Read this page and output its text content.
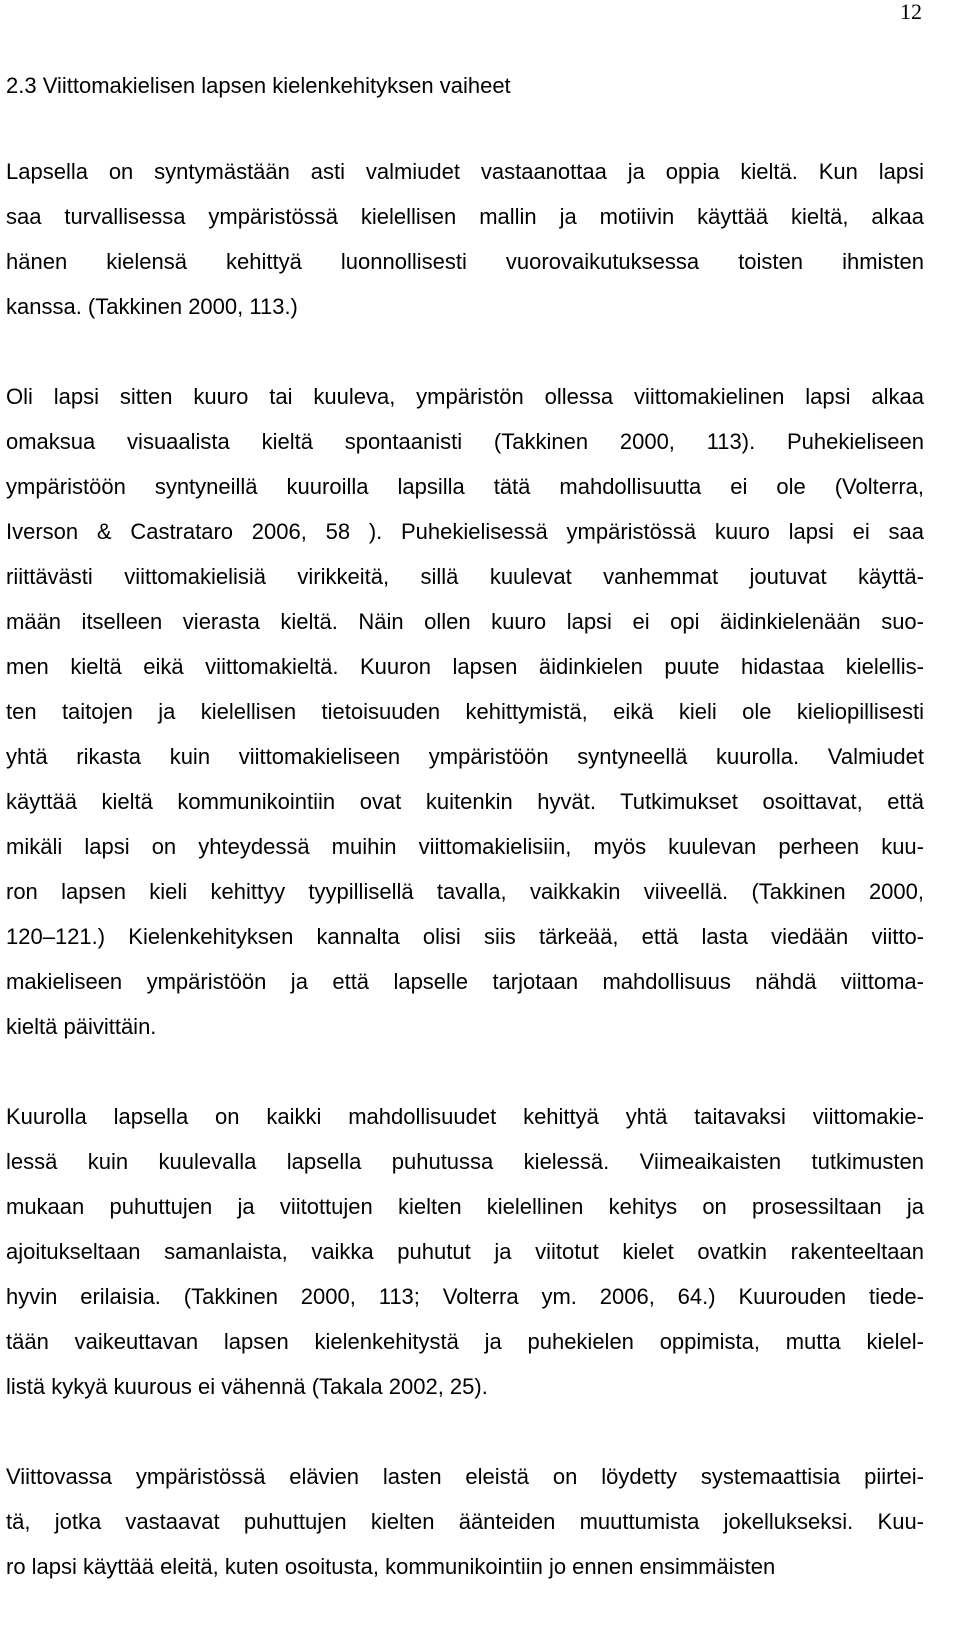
12
2.3 Viittomakielisen lapsen kielenkehityksen vaiheet
Lapsella on syntymästään asti valmiudet vastaanottaa ja oppia kieltä. Kun lapsi
saa turvallisessa ympäristössä kielellisen mallin ja motiivin käyttää kieltä, alkaa
hänen kielensä kehittyä luonnollisesti vuorovaikutuksessa toisten ihmisten
kanssa. (Takkinen 2000, 113.)
Oli lapsi sitten kuuro tai kuuleva, ympäristön ollessa viittomakielinen lapsi alkaa
omaksua visuaalista kieltä spontaanisti (Takkinen 2000, 113). Puhekieliseen
ympäristöön syntyneillä kuuroilla lapsilla tätä mahdollisuutta ei ole (Volterra,
Iverson & Castrataro 2006, 58 ). Puhekielisessä ympäristössä kuuro lapsi ei saa
riittävästi viittomakielisiä virikkeitä, sillä kuulevat vanhemmat joutuvat käyttä-
mään itselleen vierasta kieltä. Näin ollen kuuro lapsi ei opi äidinkielenään suo-
men kieltä eikä viittomakieltä. Kuuron lapsen äidinkielen puute hidastaa kielellis-
ten taitojen ja kielellisen tietoisuuden kehittymistä, eikä kieli ole kieliopillisesti
yhtä rikasta kuin viittomakieliseen ympäristöön syntyneellä kuurolla. Valmiudet
käyttää kieltä kommunikointiin ovat kuitenkin hyvät. Tutkimukset osoittavat, että
mikäli lapsi on yhteydessä muihin viittomakielisiin, myös kuulevan perheen kuu-
ron lapsen kieli kehittyy tyypillisellä tavalla, vaikkakin viiveellä. (Takkinen 2000,
120–121.) Kielenkehityksen kannalta olisi siis tärkeää, että lasta viedään viitto-
makieliseen ympäristöön ja että lapselle tarjotaan mahdollisuus nähdä viittoma-
kieltä päivittäin.
Kuurolla lapsella on kaikki mahdollisuudet kehittyä yhtä taitavaksi viittomakie-
lessä kuin kuulevalla lapsella puhutussa kielessä. Viimeaikaisten tutkimusten
mukaan puhuttujen ja viitottujen kielten kielellinen kehitys on prosessiltaan ja
ajoitukseltaan samanlaista, vaikka puhutut ja viitotut kielet ovatkin rakenteeltaan
hyvin erilaisia. (Takkinen 2000, 113; Volterra ym. 2006, 64.) Kuurouden tiede-
tään vaikeuttavan lapsen kielenkehitystä ja puhekielen oppimista, mutta kielel-
listä kykyä kuurous ei vähennä (Takala 2002, 25).
Viittovassa ympäristössä elävien lasten eleistä on löydetty systemaattisia piirtei-
tä, jotka vastaavat puhuttujen kielten äänteiden muuttumista jokellukseksi. Kuu-
ro lapsi käyttää eleitä, kuten osoitusta, kommunikointiin jo ennen ensimmäisten
